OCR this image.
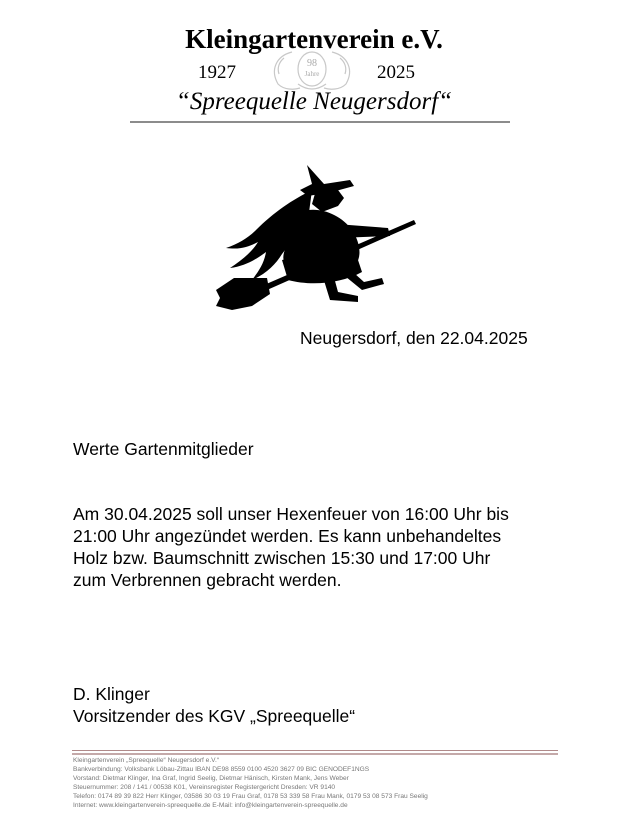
Kleingartenverein e.V.
1927	98
Jahre	2025
“Spreequelle Neugersdorf“
Neugersdorf, den 22.04.2025
Werte Gartenmitglieder
Am 30.04.2025 soll unser Hexenfeuer von 16:00 Uhr bis
21:00 Uhr angezündet werden. Es kann unbehandeltes
Holz bzw. Baumschnitt zwischen 15:30 und 17:00 Uhr
zum Verbrennen gebracht werden.
D. Klinger
Vorsitzender des KGV „Spreequelle“
Kleingartenverein „Spreequelle“ Neugersdorf e.V.“
Bankverbindung: Volksbank Löbau-Zittau IBAN DE98 8559 0100 4520 3627 09 BIC GENODEF1NGS
Vorstand: Dietmar Klinger, Ina Graf, Ingrid Seelig, Dietmar Hänisch, Kirsten Mank, Jens Weber
Steuernummer: 208 / 141 / 00538 K01, Vereinsregister Registergericht Dresden: VR 9140
Telefon: 0174 89 39 822 Herr Klinger, 03586 30 03 19 Frau Graf, 0178 53 339 58 Frau Mank, 0179 53 08 573 Frau Seelig
Internet: www.kleingartenverein-spreequelle.de E-Mail: info@kleingartenverein-spreequelle.de
